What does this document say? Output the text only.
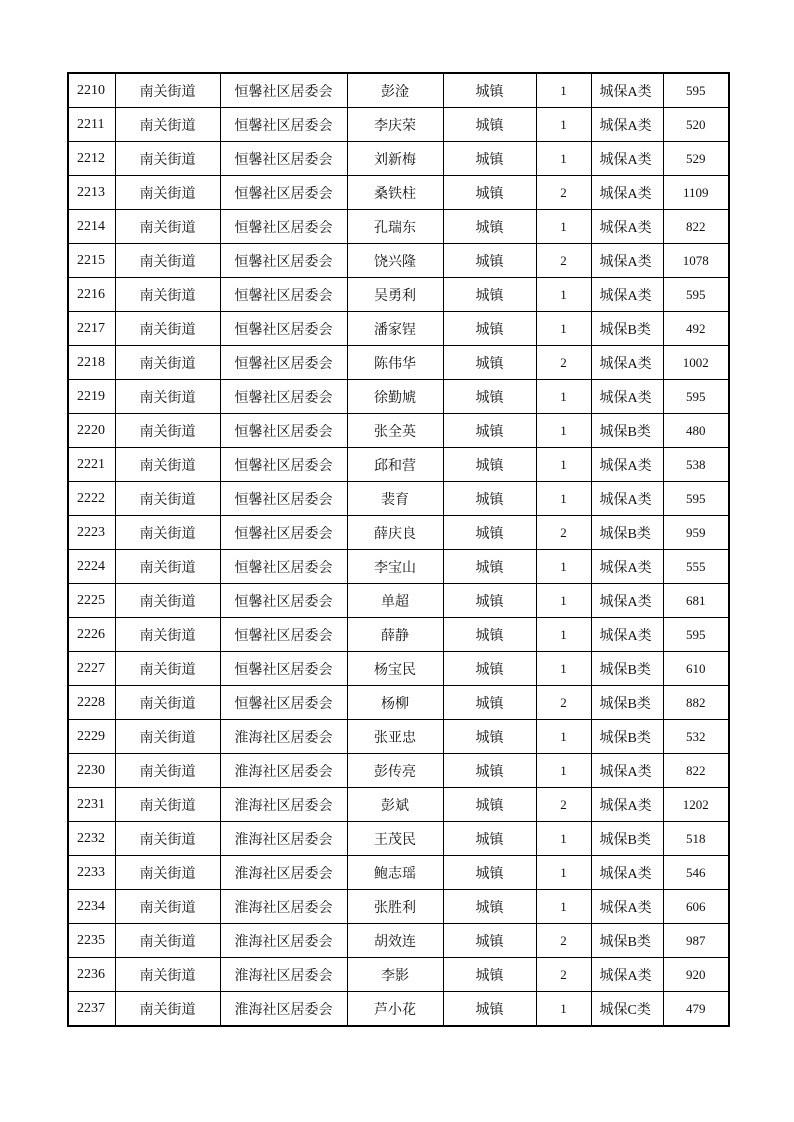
2210	南关街道	恒馨社区居委会	彭淦	城镇	1	城保A类	595
2211	南关街道	恒馨社区居委会	李庆荣	城镇	1	城保A类	520
2212	南关街道	恒馨社区居委会	刘新梅	城镇	1	城保A类	529
2213	南关街道	恒馨社区居委会	桑铁柱	城镇	2	城保A类	1109
2214	南关街道	恒馨社区居委会	孔瑞东	城镇	1	城保A类	822
2215	南关街道	恒馨社区居委会	饶兴隆	城镇	2	城保A类	1078
2216	南关街道	恒馨社区居委会	吴勇利	城镇	1	城保A类	595
2217	南关街道	恒馨社区居委会	潘家锃	城镇	1	城保B类	492
2218	南关街道	恒馨社区居委会	陈伟华	城镇	2	城保A类	1002
2219	南关街道	恒馨社区居委会	徐勤虓	城镇	1	城保A类	595
2220	南关街道	恒馨社区居委会	张全英	城镇	1	城保B类	480
2221	南关街道	恒馨社区居委会	邱和营	城镇	1	城保A类	538
2222	南关街道	恒馨社区居委会	裴育	城镇	1	城保A类	595
2223	南关街道	恒馨社区居委会	薛庆良	城镇	2	城保B类	959
2224	南关街道	恒馨社区居委会	李宝山	城镇	1	城保A类	555
2225	南关街道	恒馨社区居委会	单超	城镇	1	城保A类	681
2226	南关街道	恒馨社区居委会	薛静	城镇	1	城保A类	595
2227	南关街道	恒馨社区居委会	杨宝民	城镇	1	城保B类	610
2228	南关街道	恒馨社区居委会	杨柳	城镇	2	城保B类	882
2229	南关街道	淮海社区居委会	张亚忠	城镇	1	城保B类	532
2230	南关街道	淮海社区居委会	彭传亮	城镇	1	城保A类	822
2231	南关街道	淮海社区居委会	彭斌	城镇	2	城保A类	1202
2232	南关街道	淮海社区居委会	王茂民	城镇	1	城保B类	518
2233	南关街道	淮海社区居委会	鲍志瑶	城镇	1	城保A类	546
2234	南关街道	淮海社区居委会	张胜利	城镇	1	城保A类	606
2235	南关街道	淮海社区居委会	胡效连	城镇	2	城保B类	987
2236	南关街道	淮海社区居委会	李影	城镇	2	城保A类	920
2237	南关街道	淮海社区居委会	芦小花	城镇	1	城保C类	479
